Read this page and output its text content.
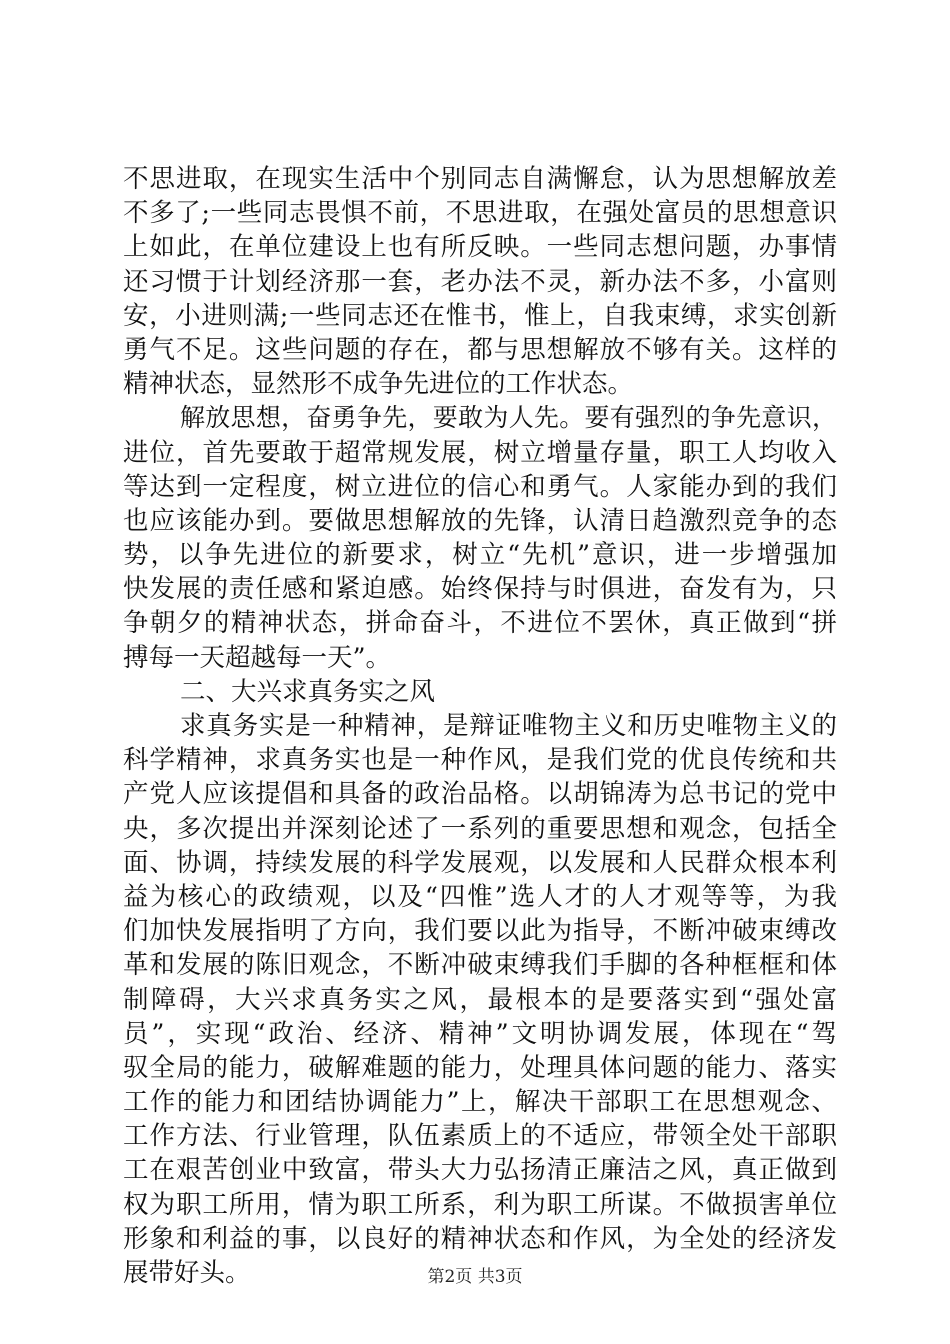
不思进取，在现实生活中个别同志自满懈怠，认为思想解放差
不多了;一些同志畏惧不前，不思进取，在强处富员的思想意识
上如此，在单位建设上也有所反映。一些同志想问题，办事情
还习惯于计划经济那一套，老办法不灵，新办法不多，小富则
安，小进则满;一些同志还在惟书，惟上，自我束缚，求实创新
勇气不足。这些问题的存在，都与思想解放不够有关。这样的
精神状态，显然形不成争先进位的工作状态。
解放思想，奋勇争先，要敢为人先。要有强烈的争先意识，
进位，首先要敢于超常规发展，树立增量存量，职工人均收入
等达到一定程度，树立进位的信心和勇气。人家能办到的我们
也应该能办到。要做思想解放的先锋，认清日趋激烈竞争的态
势，以争先进位的新要求，树立“先机”意识，进一步增强加
快发展的责任感和紧迫感。始终保持与时俱进，奋发有为，只
争朝夕的精神状态，拼命奋斗，不进位不罢休，真正做到“拼
搏每一天超越每一天”。
二、大兴求真务实之风
求真务实是一种精神，是辩证唯物主义和历史唯物主义的
科学精神，求真务实也是一种作风，是我们党的优良传统和共
产党人应该提倡和具备的政治品格。以胡锦涛为总书记的党中
央，多次提出并深刻论述了一系列的重要思想和观念，包括全
面、协调，持续发展的科学发展观，以发展和人民群众根本利
益为核心的政绩观，以及“四惟”选人才的人才观等等，为我
们加快发展指明了方向，我们要以此为指导，不断冲破束缚改
革和发展的陈旧观念，不断冲破束缚我们手脚的各种框框和体
制障碍，大兴求真务实之风，最根本的是要落实到“强处富
员”，实现“政治、经济、精神”文明协调发展，体现在“驾
驭全局的能力，破解难题的能力，处理具体问题的能力、落实
工作的能力和团结协调能力”上，解决干部职工在思想观念、
工作方法、行业管理，队伍素质上的不适应，带领全处干部职
工在艰苦创业中致富，带头大力弘扬清正廉洁之风，真正做到
权为职工所用，情为职工所系，利为职工所谋。不做损害单位
形象和利益的事，以良好的精神状态和作风，为全处的经济发
展带好头。	第2页 共3页
